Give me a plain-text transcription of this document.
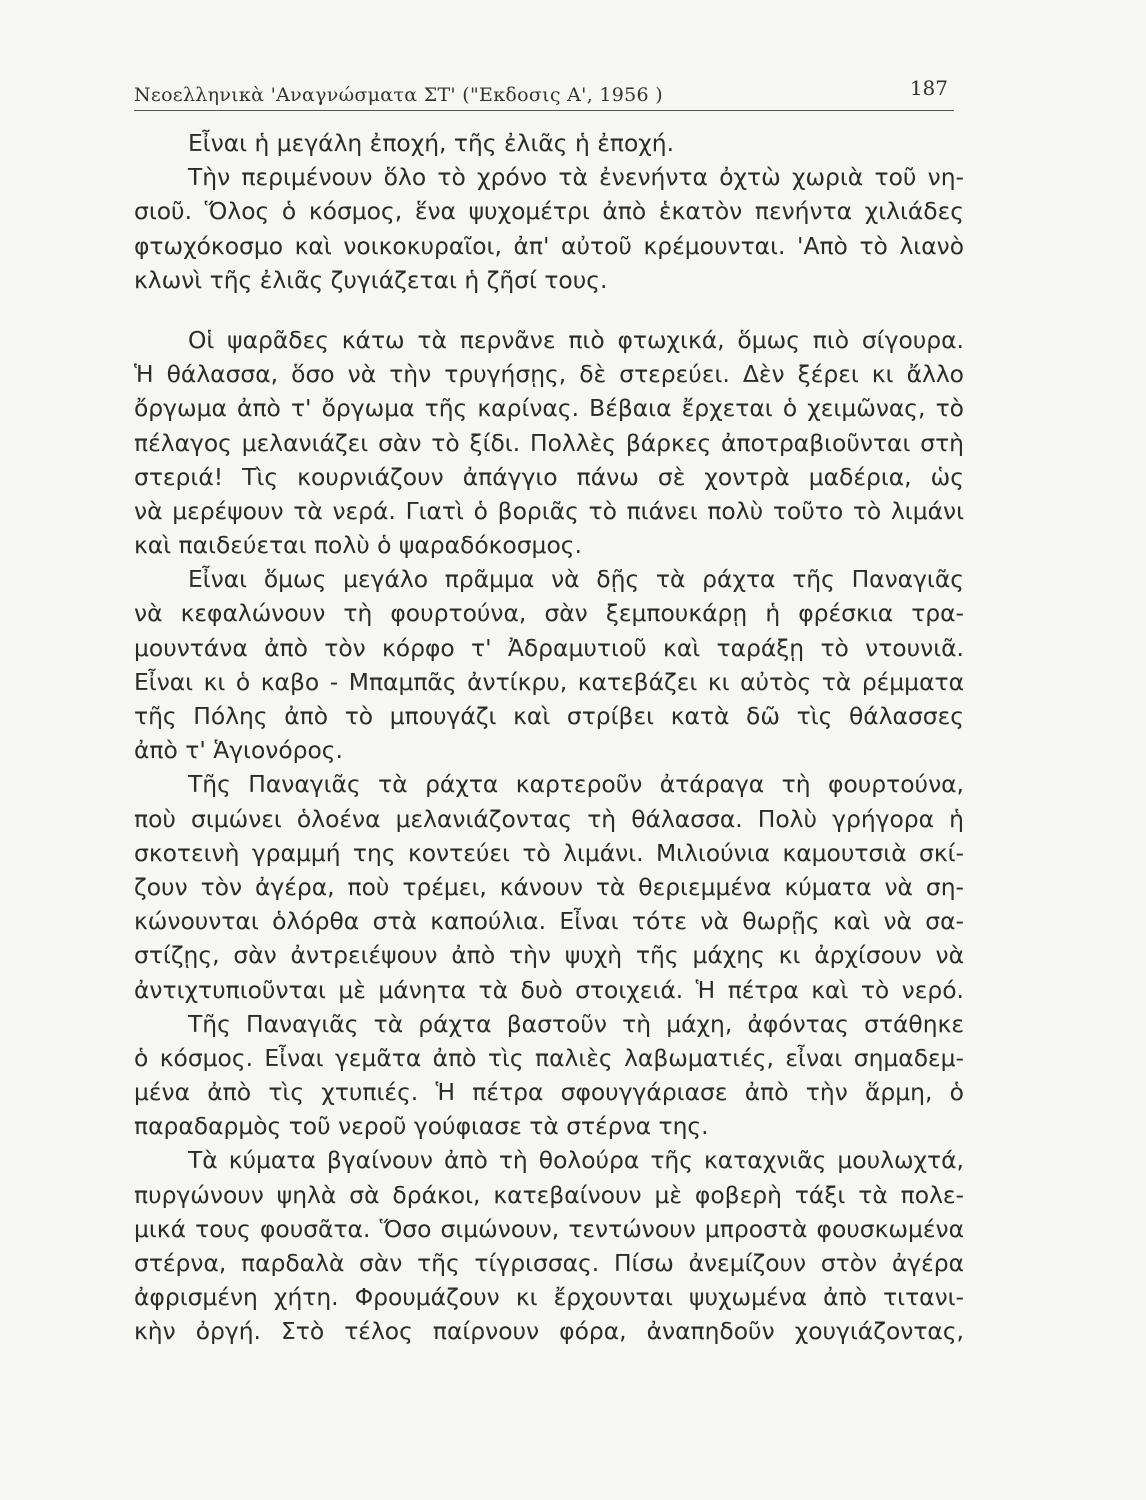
Νεοελληνικὰ 'Αναγνώσματα ΣΤ' ("Εκδοσις Α', 1956 )	187
Εἶναι ἡ μεγάλη ἐποχή, τῆς ἐλιᾶς ἡ ἐποχή.
Τὴν περιμένουν ὅλο τὸ χρόνο τὰ ἐνενήντα ὀχτὼ χωριὰ τοῦ νη-
σιοῦ. Ὅλος ὁ κόσμος, ἕνα ψυχομέτρι ἀπὸ ἑκατὸν πενήντα χιλιάδες
φτωχόκοσμο καὶ νοικοκυραῖοι, ἀπ' αὐτοῦ κρέμουνται. 'Απὸ τὸ λιανὸ
κλωνὶ τῆς ἐλιᾶς ζυγιάζεται ἡ ζῆσί τους.
Οἱ ψαρᾶδες κάτω τὰ περνᾶνε πιὸ φτωχικά, ὅμως πιὸ σίγουρα.
Ἡ θάλασσα, ὅσο νὰ τὴν τρυγήσῃς, δὲ στερεύει. Δὲν ξέρει κι ἄλλο
ὄργωμα ἀπὸ τ' ὄργωμα τῆς καρίνας. Βέβαια ἔρχεται ὁ χειμῶνας, τὸ
πέλαγος μελανιάζει σὰν τὸ ξίδι. Πολλὲς βάρκες ἀποτραβιοῦνται στὴ
στεριά! Τὶς κουρνιάζουν ἀπάγγιο πάνω σὲ χοντρὰ μαδέρια, ὡς
νὰ μερέψουν τὰ νερά. Γιατὶ ὁ βοριᾶς τὸ πιάνει πολὺ τοῦτο τὸ λιμάνι
καὶ παιδεύεται πολὺ ὁ ψαραδόκοσμος.
Εἶναι ὅμως μεγάλο πρᾶμμα νὰ δῇς τὰ ράχτα τῆς Παναγιᾶς
νὰ κεφαλώνουν τὴ φουρτούνα, σὰν ξεμπουκάρῃ ἡ φρέσκια τρα-
μουντάνα ἀπὸ τὸν κόρφο τ' Ἀδραμυτιοῦ καὶ ταράξῃ τὸ ντουνιᾶ.
Εἶναι κι ὁ καβο - Μπαμπᾶς ἀντίκρυ, κατεβάζει κι αὐτὸς τὰ ρέμματα
τῆς Πόλης ἀπὸ τὸ μπουγάζι καὶ στρίβει κατὰ δῶ τὶς θάλασσες
ἀπὸ τ' Ἁγιονόρος.
Τῆς Παναγιᾶς τὰ ράχτα καρτεροῦν ἀτάραγα τὴ φουρτούνα,
ποὺ σιμώνει ὁλοένα μελανιάζοντας τὴ θάλασσα. Πολὺ γρήγορα ἡ
σκοτεινὴ γραμμή της κοντεύει τὸ λιμάνι. Μιλιούνια καμουτσιὰ σκί-
ζουν τὸν ἀγέρα, ποὺ τρέμει, κάνουν τὰ θεριεμμένα κύματα νὰ ση-
κώνουνται ὁλόρθα στὰ καπούλια. Εἶναι τότε νὰ θωρῇς καὶ νὰ σα-
στίζῃς, σὰν ἀντρειέψουν ἀπὸ τὴν ψυχὴ τῆς μάχης κι ἀρχίσουν νὰ
ἀντιχτυπιοῦνται μὲ μάνητα τὰ δυὸ στοιχειά. Ἡ πέτρα καὶ τὸ νερό.
Τῆς Παναγιᾶς τὰ ράχτα βαστοῦν τὴ μάχη, ἀφόντας στάθηκε
ὁ κόσμος. Εἶναι γεμᾶτα ἀπὸ τὶς παλιὲς λαβωματιές, εἶναι σημαδεμ-
μένα ἀπὸ τὶς χτυπιές. Ἡ πέτρα σφουγγάριασε ἀπὸ τὴν ἅρμη, ὁ
παραδαρμὸς τοῦ νεροῦ γούφιασε τὰ στέρνα της.
Τὰ κύματα βγαίνουν ἀπὸ τὴ θολούρα τῆς καταχνιᾶς μουλωχτά,
πυργώνουν ψηλὰ σὰ δράκοι, κατεβαίνουν μὲ φοβερὴ τάξι τὰ πολε-
μικά τους φουσᾶτα. Ὅσο σιμώνουν, τεντώνουν μπροστὰ φουσκωμένα
στέρνα, παρδαλὰ σὰν τῆς τίγρισσας. Πίσω ἀνεμίζουν στὸν ἀγέρα
ἀφρισμένη χήτη. Φρουμάζουν κι ἔρχουνται ψυχωμένα ἀπὸ τιτανι-
κὴν ὀργή. Στὸ τέλος παίρνουν φόρα, ἀναπηδοῦν χουγιάζοντας,
